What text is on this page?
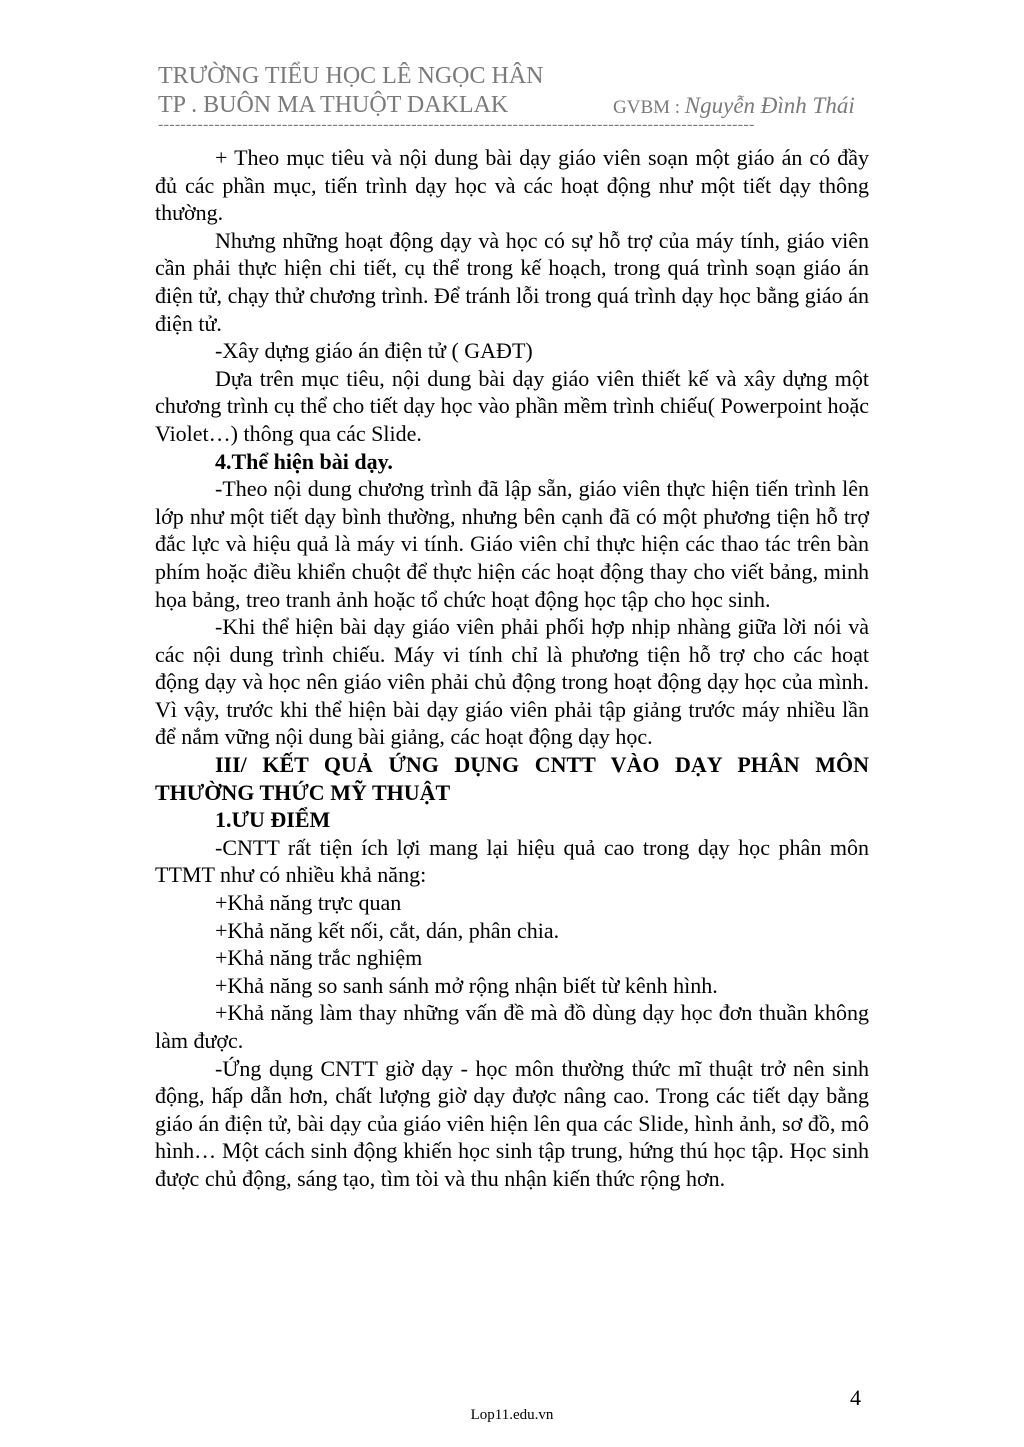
TRƯỜNG TIỂU HỌC LÊ NGỌC HÂN
TP . BUÔN MA THUỘT DAKLAK	GVBM : Nguyễn Đình Thái
----------------------------------------------------------------------------------------------------------

+ Theo mục tiêu và nội dung bài dạy giáo viên soạn một giáo án có đầy đủ các phần mục, tiến trình dạy học và các hoạt động như một tiết dạy thông thường.

Nhưng những hoạt động dạy và học có sự hỗ trợ của máy tính, giáo viên cần phải thực hiện chi tiết, cụ thể trong kế hoạch, trong quá trình soạn giáo án điện tử, chạy thử chương trình. Để tránh lỗi trong quá trình dạy học bằng giáo án điện tử.

-Xây dựng giáo án điện tử ( GAĐT)

Dựa trên mục tiêu, nội dung bài dạy giáo viên thiết kế và xây dựng một chương trình cụ thể cho tiết dạy học vào phần mềm trình chiếu( Powerpoint hoặc Violet…) thông qua các Slide.

4.Thể hiện bài dạy.

-Theo nội dung chương trình đã lập sẵn, giáo viên thực hiện tiến trình lên lớp như một tiết dạy bình thường, nhưng bên cạnh đã có một phương tiện hỗ trợ đắc lực và hiệu quả là máy vi tính. Giáo viên chỉ thực hiện các thao tác trên bàn phím hoặc điều khiển chuột để thực hiện các hoạt động thay cho viết bảng, minh họa bảng, treo tranh ảnh hoặc tổ chức hoạt động học tập cho học sinh.

-Khi thể hiện bài dạy giáo viên phải phối hợp nhịp nhàng giữa lời nói và các nội dung trình chiếu. Máy vi tính chỉ là phương tiện hỗ trợ cho các hoạt động dạy và học nên giáo viên phải chủ động trong hoạt động dạy học của mình. Vì vậy, trước khi thể hiện bài dạy giáo viên phải tập giảng trước máy nhiều lần để nắm vững nội dung bài giảng, các hoạt động dạy học.

III/ KẾT QUẢ ỨNG DỤNG CNTT VÀO DẠY PHÂN MÔN THƯỜNG THỨC MỸ THUẬT

1.ƯU ĐIỂM

-CNTT rất tiện ích lợi mang lại hiệu quả cao trong dạy học phân môn TTMT như có nhiều khả năng:

+Khả năng trực quan

+Khả năng kết nối, cắt, dán, phân chia.

+Khả năng trắc nghiệm

+Khả năng so sanh sánh mở rộng nhận biết từ kênh hình.

+Khả năng làm thay những vấn đề mà đồ dùng dạy học đơn thuần không làm được.

-Ứng dụng CNTT giờ dạy - học môn thường thức mĩ thuật trở nên sinh động, hấp dẫn hơn, chất lượng giờ dạy được nâng cao. Trong các tiết dạy bằng giáo án điện tử, bài dạy của giáo viên hiện lên qua các Slide, hình ảnh, sơ đồ, mô hình… Một cách sinh động khiến học sinh tập trung, hứng thú học tập. Học sinh được chủ động, sáng tạo, tìm tòi và thu nhận kiến thức rộng hơn.

4
Lop11.edu.vn
